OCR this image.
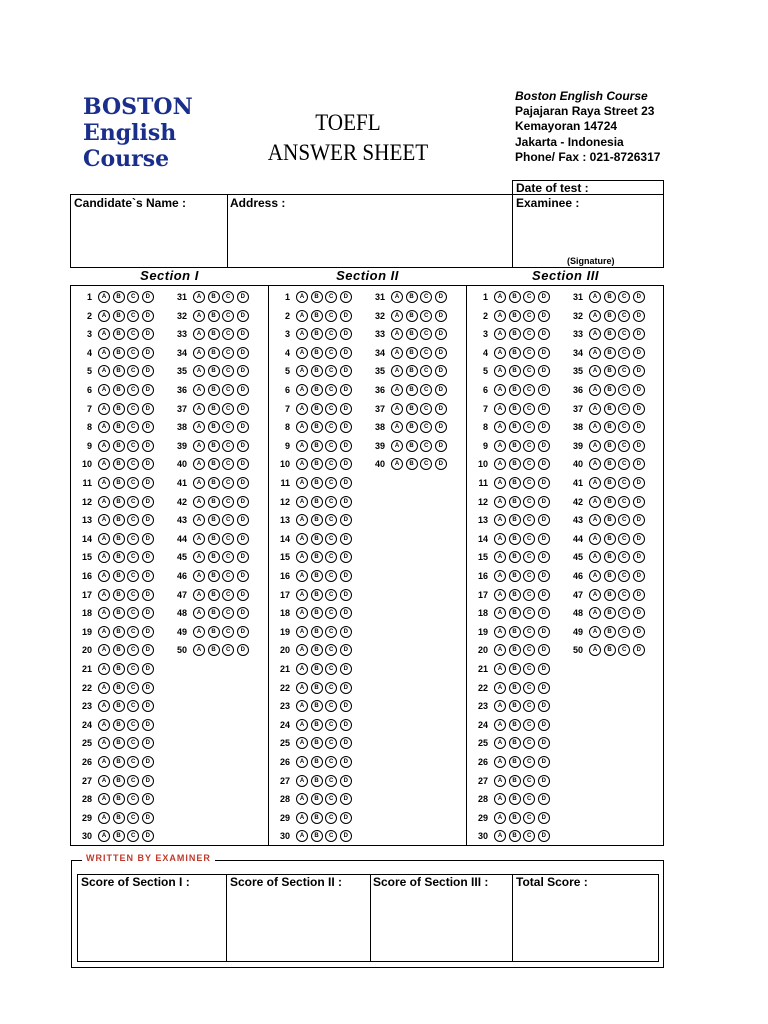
BOSTON
English
Course
TOEFL
ANSWER SHEET
Boston English Course
Pajajaran Raya Street 23
Kemayoran 14724
Jakarta - Indonesia
Phone/ Fax : 021-8726317
Date of test :
Candidate`s Name :	Address :	Examinee :
(Signature)
Section I	Section II	Section III
1	A	B	C	D
2	A	B	C	D
3	A	B	C	D
4	A	B	C	D
5	A	B	C	D
6	A	B	C	D
7	A	B	C	D
8	A	B	C	D
9	A	B	C	D
10	A	B	C	D
11	A	B	C	D
12	A	B	C	D
13	A	B	C	D
14	A	B	C	D
15	A	B	C	D
16	A	B	C	D
17	A	B	C	D
18	A	B	C	D
19	A	B	C	D
20	A	B	C	D
21	A	B	C	D
22	A	B	C	D
23	A	B	C	D
24	A	B	C	D
25	A	B	C	D
26	A	B	C	D
27	A	B	C	D
28	A	B	C	D
29	A	B	C	D
30	A	B	C	D
31	A	B	C	D
32	A	B	C	D
33	A	B	C	D
34	A	B	C	D
35	A	B	C	D
36	A	B	C	D
37	A	B	C	D
38	A	B	C	D
39	A	B	C	D
40	A	B	C	D
41	A	B	C	D
42	A	B	C	D
43	A	B	C	D
44	A	B	C	D
45	A	B	C	D
46	A	B	C	D
47	A	B	C	D
48	A	B	C	D
49	A	B	C	D
50	A	B	C	D
1	A	B	C	D
2	A	B	C	D
3	A	B	C	D
4	A	B	C	D
5	A	B	C	D
6	A	B	C	D
7	A	B	C	D
8	A	B	C	D
9	A	B	C	D
10	A	B	C	D
11	A	B	C	D
12	A	B	C	D
13	A	B	C	D
14	A	B	C	D
15	A	B	C	D
16	A	B	C	D
17	A	B	C	D
18	A	B	C	D
19	A	B	C	D
20	A	B	C	D
21	A	B	C	D
22	A	B	C	D
23	A	B	C	D
24	A	B	C	D
25	A	B	C	D
26	A	B	C	D
27	A	B	C	D
28	A	B	C	D
29	A	B	C	D
30	A	B	C	D
31	A	B	C	D
32	A	B	C	D
33	A	B	C	D
34	A	B	C	D
35	A	B	C	D
36	A	B	C	D
37	A	B	C	D
38	A	B	C	D
39	A	B	C	D
40	A	B	C	D
1	A	B	C	D
2	A	B	C	D
3	A	B	C	D
4	A	B	C	D
5	A	B	C	D
6	A	B	C	D
7	A	B	C	D
8	A	B	C	D
9	A	B	C	D
10	A	B	C	D
11	A	B	C	D
12	A	B	C	D
13	A	B	C	D
14	A	B	C	D
15	A	B	C	D
16	A	B	C	D
17	A	B	C	D
18	A	B	C	D
19	A	B	C	D
20	A	B	C	D
21	A	B	C	D
22	A	B	C	D
23	A	B	C	D
24	A	B	C	D
25	A	B	C	D
26	A	B	C	D
27	A	B	C	D
28	A	B	C	D
29	A	B	C	D
30	A	B	C	D
31	A	B	C	D
32	A	B	C	D
33	A	B	C	D
34	A	B	C	D
35	A	B	C	D
36	A	B	C	D
37	A	B	C	D
38	A	B	C	D
39	A	B	C	D
40	A	B	C	D
41	A	B	C	D
42	A	B	C	D
43	A	B	C	D
44	A	B	C	D
45	A	B	C	D
46	A	B	C	D
47	A	B	C	D
48	A	B	C	D
49	A	B	C	D
50	A	B	C	D
WRITTEN BY EXAMINER
Score of Section I :	Score of Section II :	Score of Section III : Total Score :
